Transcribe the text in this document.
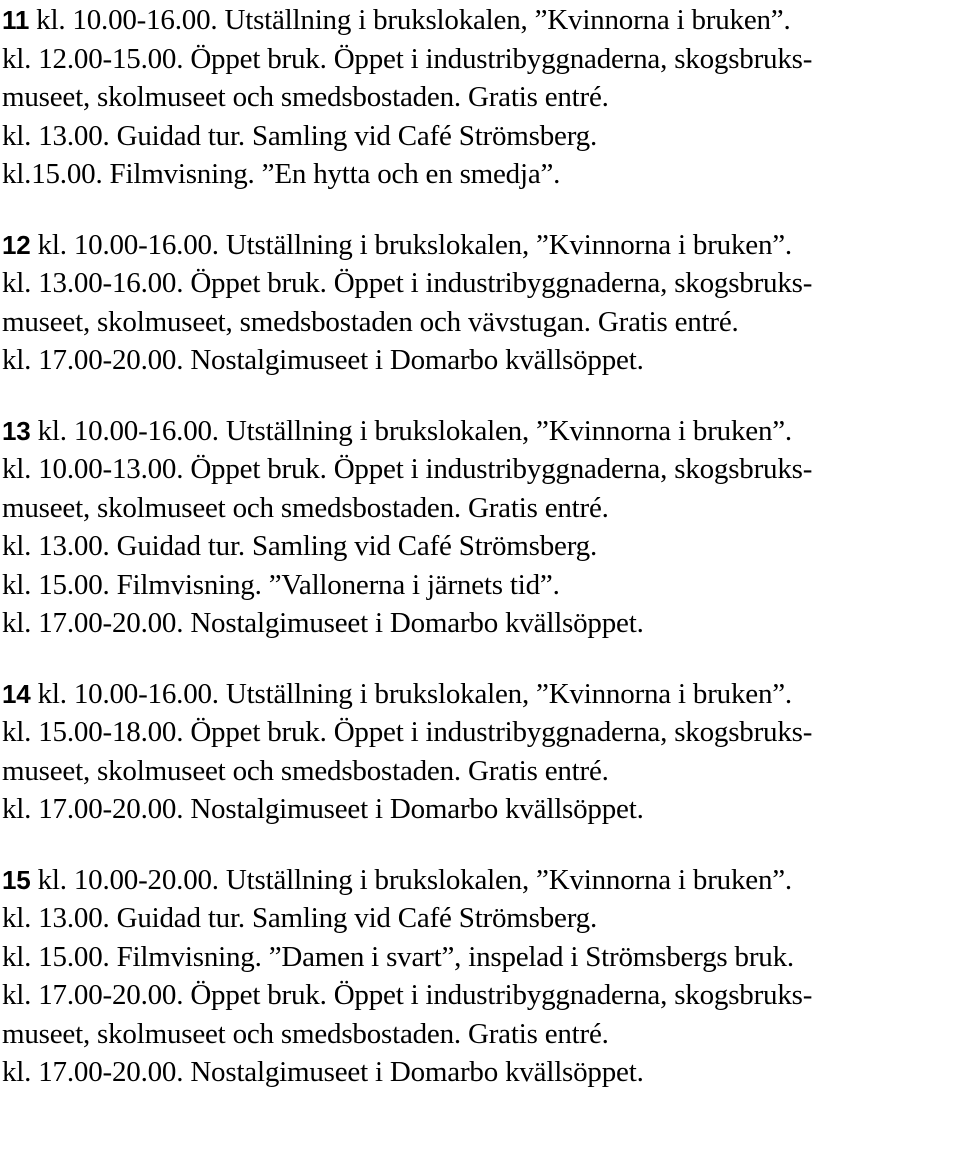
11 kl. 10.00-16.00. Utställning i brukslokalen, ”Kvinnorna i bruken”.
kl. 12.00-15.00. Öppet bruk. Öppet i industribyggnaderna, skogsbruks-
museet, skolmuseet och smedsbostaden. Gratis entré.
kl. 13.00. Guidad tur. Samling vid Café Strömsberg.
kl.15.00. Filmvisning. ”En hytta och en smedja”.
12 kl. 10.00-16.00. Utställning i brukslokalen, ”Kvinnorna i bruken”.
kl. 13.00-16.00. Öppet bruk. Öppet i industribyggnaderna, skogsbruks-
museet, skolmuseet, smedsbostaden och vävstugan. Gratis entré.
kl. 17.00-20.00. Nostalgimuseet i Domarbo kvällsöppet.
13 kl. 10.00-16.00. Utställning i brukslokalen, ”Kvinnorna i bruken”.
kl. 10.00-13.00. Öppet bruk. Öppet i industribyggnaderna, skogsbruks-
museet, skolmuseet och smedsbostaden. Gratis entré.
kl. 13.00. Guidad tur. Samling vid Café Strömsberg.
kl. 15.00. Filmvisning. ”Vallonerna i järnets tid”.
kl. 17.00-20.00. Nostalgimuseet i Domarbo kvällsöppet.
14 kl. 10.00-16.00. Utställning i brukslokalen, ”Kvinnorna i bruken”.
kl. 15.00-18.00. Öppet bruk. Öppet i industribyggnaderna, skogsbruks-
museet, skolmuseet och smedsbostaden. Gratis entré.
kl. 17.00-20.00. Nostalgimuseet i Domarbo kvällsöppet.
15 kl. 10.00-20.00. Utställning i brukslokalen, ”Kvinnorna i bruken”.
kl. 13.00. Guidad tur. Samling vid Café Strömsberg.
kl. 15.00. Filmvisning. ”Damen i svart”, inspelad i Strömsbergs bruk.
kl. 17.00-20.00. Öppet bruk. Öppet i industribyggnaderna, skogsbruks-
museet, skolmuseet och smedsbostaden. Gratis entré.
kl. 17.00-20.00. Nostalgimuseet i Domarbo kvällsöppet.
